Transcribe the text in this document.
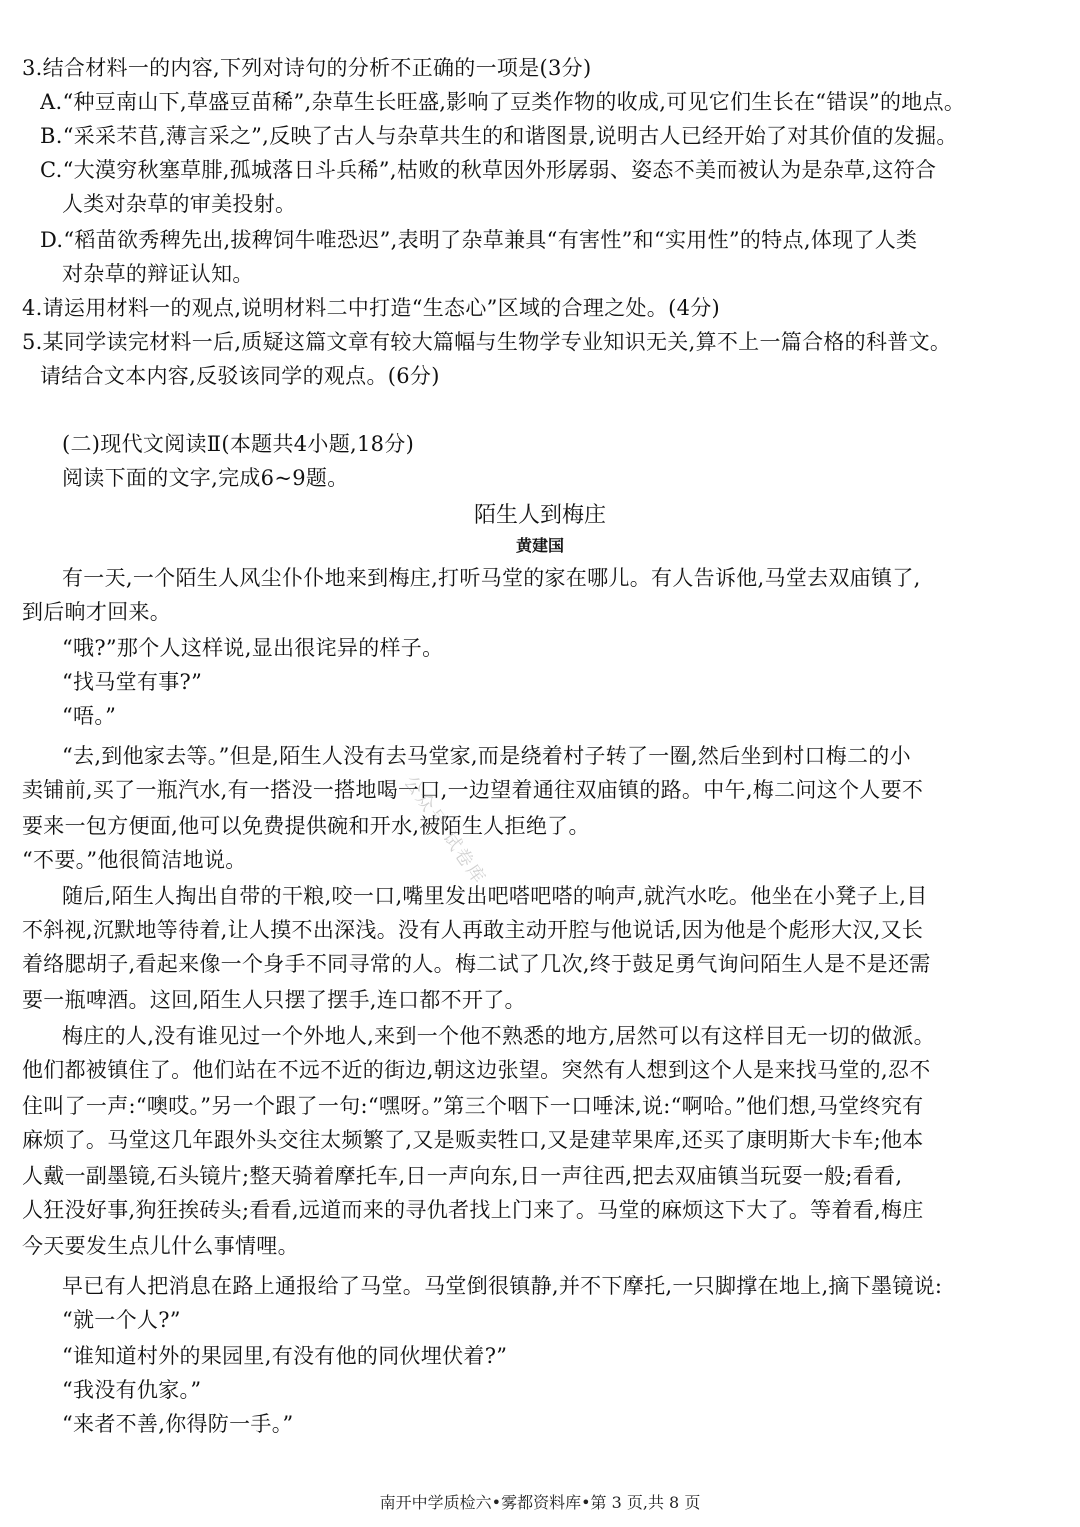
3.结合材料一的内容,下列对诗句的分析不正确的一项是(3分)
A.“种豆南山下,草盛豆苗稀”,杂草生长旺盛,影响了豆类作物的收成,可见它们生长在“错误”的地点。
B.“采采芣苢,薄言采之”,反映了古人与杂草共生的和谐图景,说明古人已经开始了对其价值的发掘。
C.“大漠穷秋塞草腓,孤城落日斗兵稀”,枯败的秋草因外形孱弱、姿态不美而被认为是杂草,这符合
人类对杂草的审美投射。
D.“稻苗欲秀稗先出,拔稗饲牛唯恐迟”,表明了杂草兼具“有害性”和“实用性”的特点,体现了人类
对杂草的辩证认知。
4.请运用材料一的观点,说明材料二中打造“生态心”区域的合理之处。(4分)
5.某同学读完材料一后,质疑这篇文章有较大篇幅与生物学专业知识无关,算不上一篇合格的科普文。
请结合文本内容,反驳该同学的观点。(6分)
(二)现代文阅读Ⅱ(本题共4小题,18分)
阅读下面的文字,完成6~9题。
陌生人到梅庄
黄建国
有一天,一个陌生人风尘仆仆地来到梅庄,打听马堂的家在哪儿。有人告诉他,马堂去双庙镇了,
到后晌才回来。
“哦?”那个人这样说,显出很诧异的样子。
“找马堂有事?”
“唔。”
“去,到他家去等。”但是,陌生人没有去马堂家,而是绕着村子转了一圈,然后坐到村口梅二的小
卖铺前,买了一瓶汽水,有一搭没一搭地喝一口,一边望着通往双庙镇的路。中午,梅二问这个人要不
要来一包方便面,他可以免费提供碗和开水,被陌生人拒绝了。
“不要。”他很简洁地说。
随后,陌生人掏出自带的干粮,咬一口,嘴里发出吧嗒吧嗒的响声,就汽水吃。他坐在小凳子上,目
不斜视,沉默地等待着,让人摸不出深浅。没有人再敢主动开腔与他说话,因为他是个彪形大汉,又长
着络腮胡子,看起来像一个身手不同寻常的人。梅二试了几次,终于鼓足勇气询问陌生人是不是还需
要一瓶啤酒。这回,陌生人只摆了摆手,连口都不开了。
梅庄的人,没有谁见过一个外地人,来到一个他不熟悉的地方,居然可以有这样目无一切的做派。
他们都被镇住了。他们站在不远不近的街边,朝这边张望。突然有人想到这个人是来找马堂的,忍不
住叫了一声:“噢哎。”另一个跟了一句:“嘿呀。”第三个咽下一口唾沫,说:“啊哈。”他们想,马堂终究有
麻烦了。马堂这几年跟外头交往太频繁了,又是贩卖牲口,又是建苹果库,还买了康明斯大卡车;他本
人戴一副墨镜,石头镜片;整天骑着摩托车,日一声向东,日一声往西,把去双庙镇当玩耍一般;看看,
人狂没好事,狗狂挨砖头;看看,远道而来的寻仇者找上门来了。马堂的麻烦这下大了。等着看,梅庄
今天要发生点儿什么事情哩。
早已有人把消息在路上通报给了马堂。马堂倒很镇静,并不下摩托,一只脚撑在地上,摘下墨镜说:
“就一个人?”
“谁知道村外的果园里,有没有他的同伙埋伏着?”
“我没有仇家。”
“来者不善,你得防一手。”
公众号 试卷库
南开中学质检六•雾都资料库•第 3 页,共 8 页
